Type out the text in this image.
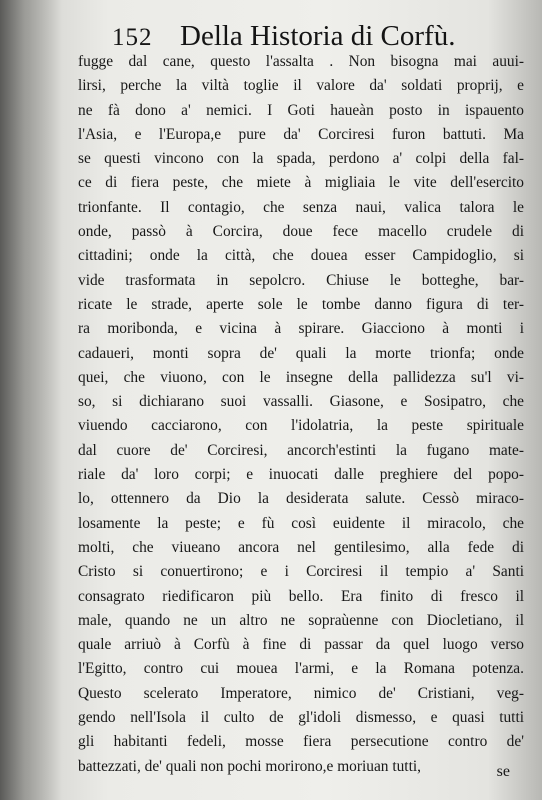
152 Della Historia di Corfù.
fugge dal cane, questo l'assalta . Non bisogna mai auui-
lirsi, perche la viltà toglie il valore da' soldati proprij, e
ne fà dono a' nemici. I Goti haueàn posto in ispauento
l'Asia, e l'Europa,e pure da' Corciresi furon battuti. Ma
se questi vincono con la spada, perdono a' colpi della fal-
ce di fiera peste, che miete à migliaia le vite dell'esercito
trionfante. Il contagio, che senza naui, valica talora le
onde, passò à Corcira, doue fece macello crudele di
cittadini; onde la città, che douea esser Campidoglio, si
vide trasformata in sepolcro. Chiuse le botteghe, bar-
ricate le strade, aperte sole le tombe danno figura di ter-
ra moribonda, e vicina à spirare. Giacciono à monti i
cadaueri, monti sopra de' quali la morte trionfa; onde
quei, che viuono, con le insegne della pallidezza su'l vi-
so, si dichiarano suoi vassalli. Giasone, e Sosipatro, che
viuendo cacciarono, con l'idolatria, la peste spirituale
dal cuore de' Corciresi, ancorch'estinti la fugano mate-
riale da' loro corpi; e inuocati dalle preghiere del popo-
lo, ottennero da Dio la desiderata salute. Cessò miraco-
losamente la peste; e fù così euidente il miracolo, che
molti, che viueano ancora nel gentilesimo, alla fede di
Cristo si conuertirono; e i Corciresi il tempio a' Santi
consagrato riedificaron più bello. Era finito di fresco il
male, quando ne un altro ne sopraùenne con Diocletiano, il
quale arriuò à Corfù à fine di passar da quel luogo verso
l'Egitto, contro cui mouea l'armi, e la Romana potenza.
Questo scelerato Imperatore, nimico de' Cristiani, veg-
gendo nell'Isola il culto de gl'idoli dismesso, e quasi tutti
gli habitanti fedeli, mosse fiera persecutione contro de'
battezzati, de' quali non pochi morirono,e moriuan tutti,	se
